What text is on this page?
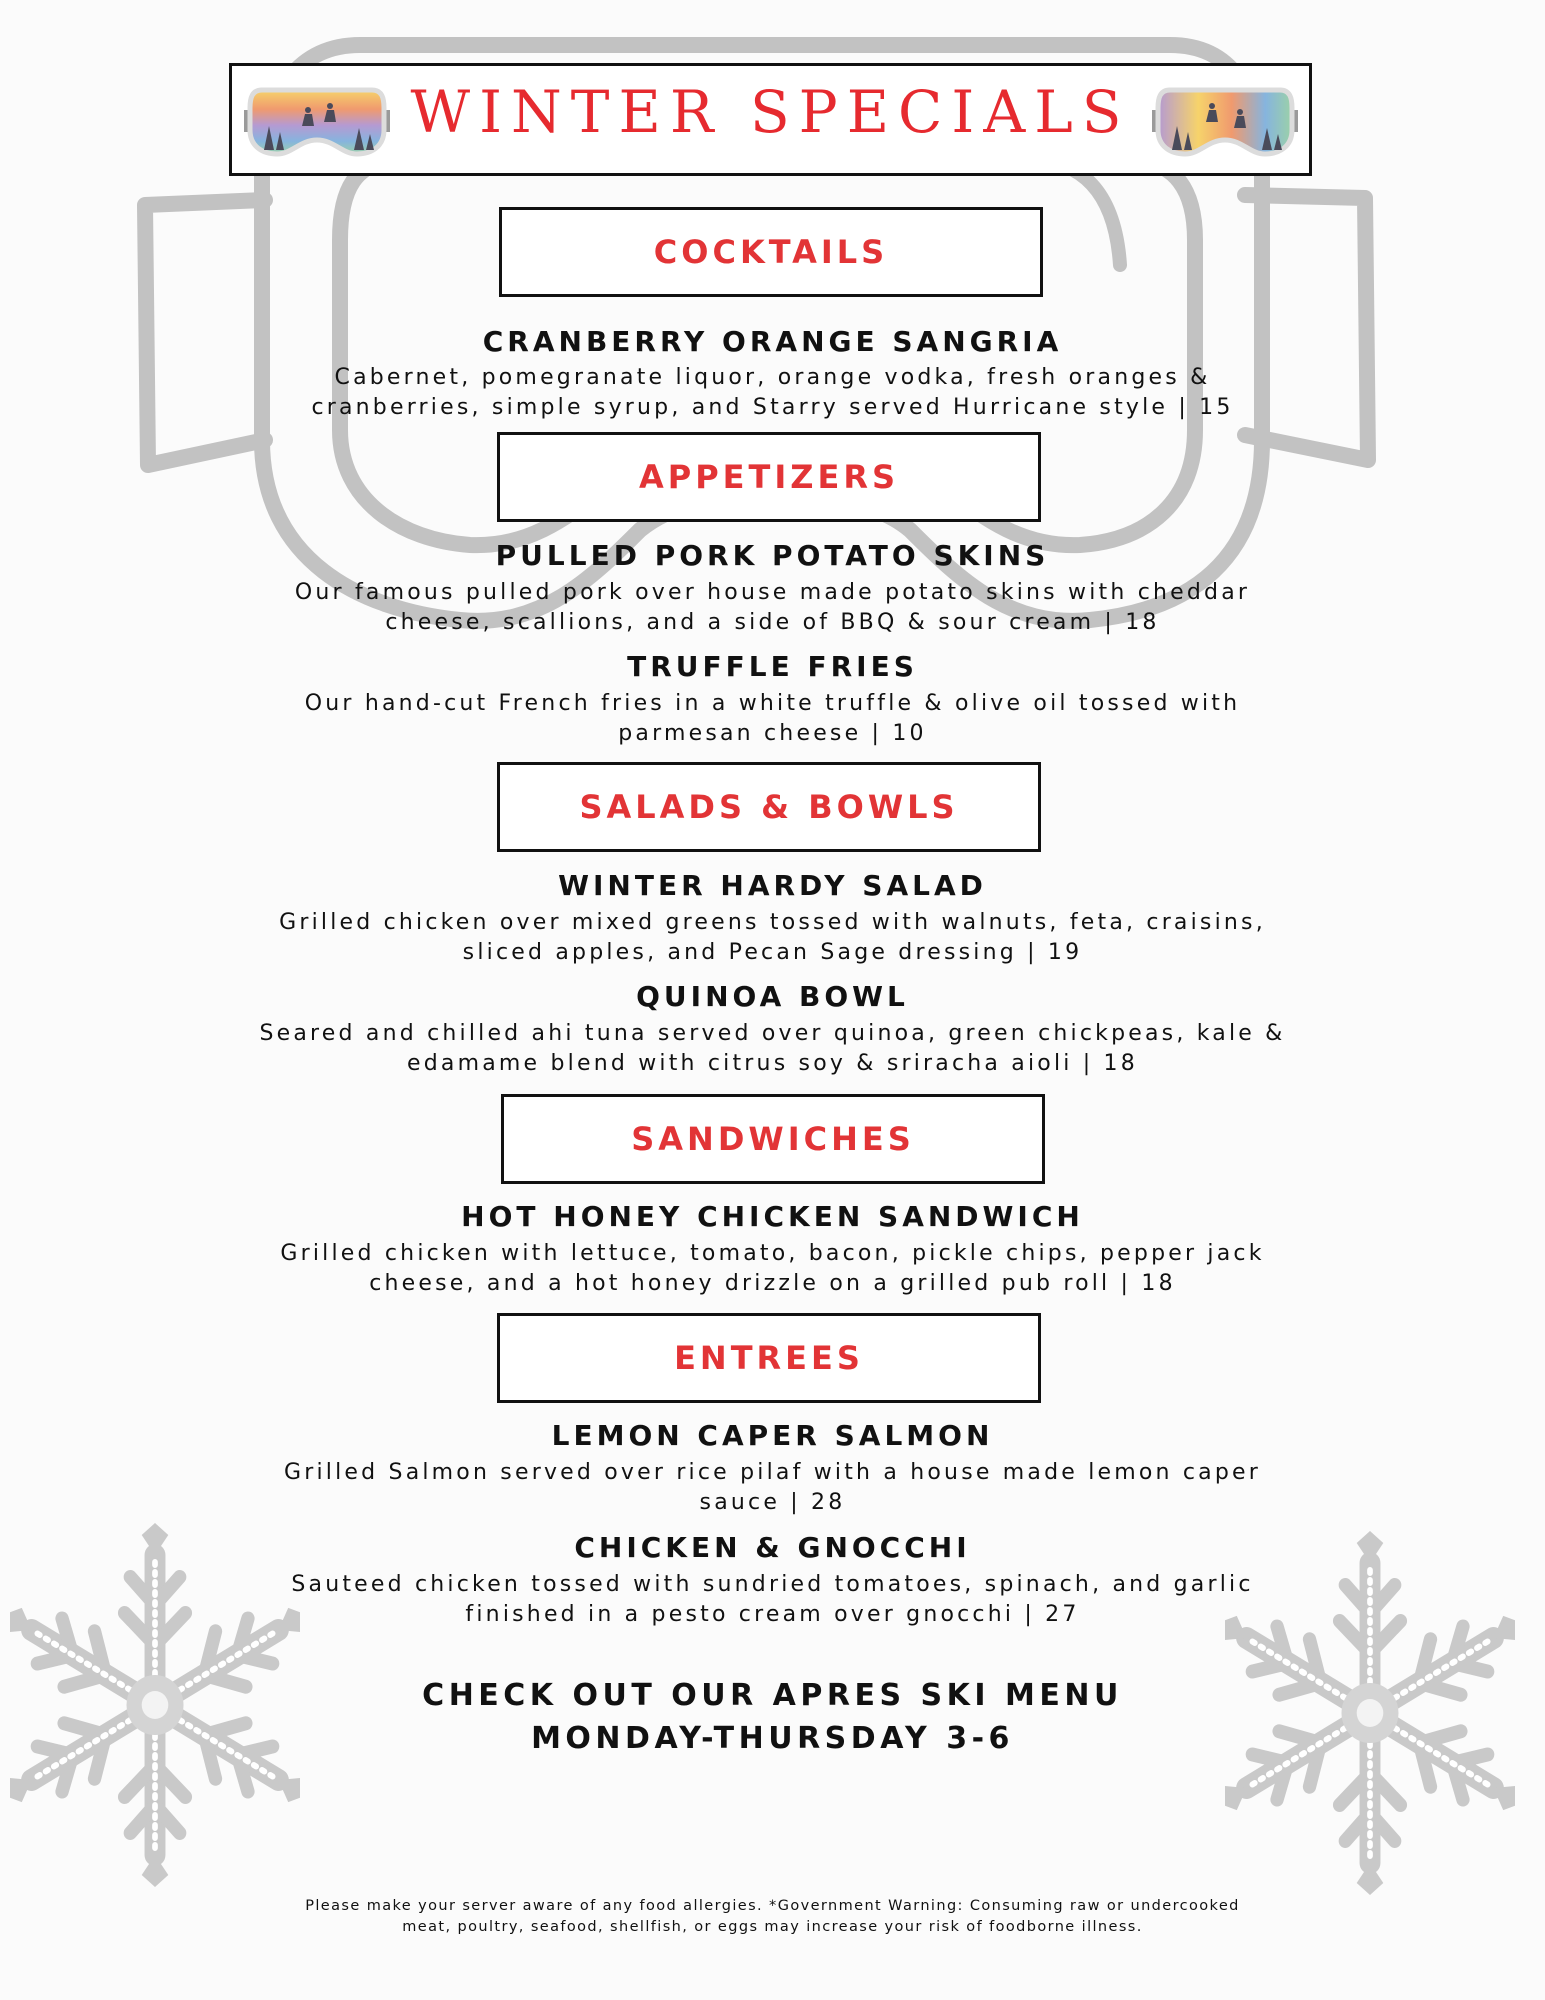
WINTER SPECIALS
COCKTAILS
CRANBERRY ORANGE SANGRIA
Cabernet, pomegranate liquor, orange vodka, fresh oranges &
cranberries, simple syrup, and Starry served Hurricane style | 15
APPETIZERS
PULLED PORK POTATO SKINS
Our famous pulled pork over house made potato skins with cheddar
cheese, scallions, and a side of BBQ & sour cream | 18
TRUFFLE FRIES
Our hand-cut French fries in a white truffle & olive oil tossed with
parmesan cheese | 10
SALADS & BOWLS
WINTER HARDY SALAD
Grilled chicken over mixed greens tossed with walnuts, feta, craisins,
sliced apples, and Pecan Sage dressing | 19
QUINOA BOWL
Seared and chilled ahi tuna served over quinoa, green chickpeas, kale &
edamame blend with citrus soy & sriracha aioli | 18
SANDWICHES
HOT HONEY CHICKEN SANDWICH
Grilled chicken with lettuce, tomato, bacon, pickle chips, pepper jack
cheese, and a hot honey drizzle on a grilled pub roll | 18
ENTREES
LEMON CAPER SALMON
Grilled Salmon served over rice pilaf with a house made lemon caper
sauce | 28
CHICKEN & GNOCCHI
Sauteed chicken tossed with sundried tomatoes, spinach, and garlic
finished in a pesto cream over gnocchi | 27
CHECK OUT OUR APRES SKI MENU
MONDAY-THURSDAY 3-6
Please make your server aware of any food allergies. *Government Warning: Consuming raw or undercooked
meat, poultry, seafood, shellfish, or eggs may increase your risk of foodborne illness.
